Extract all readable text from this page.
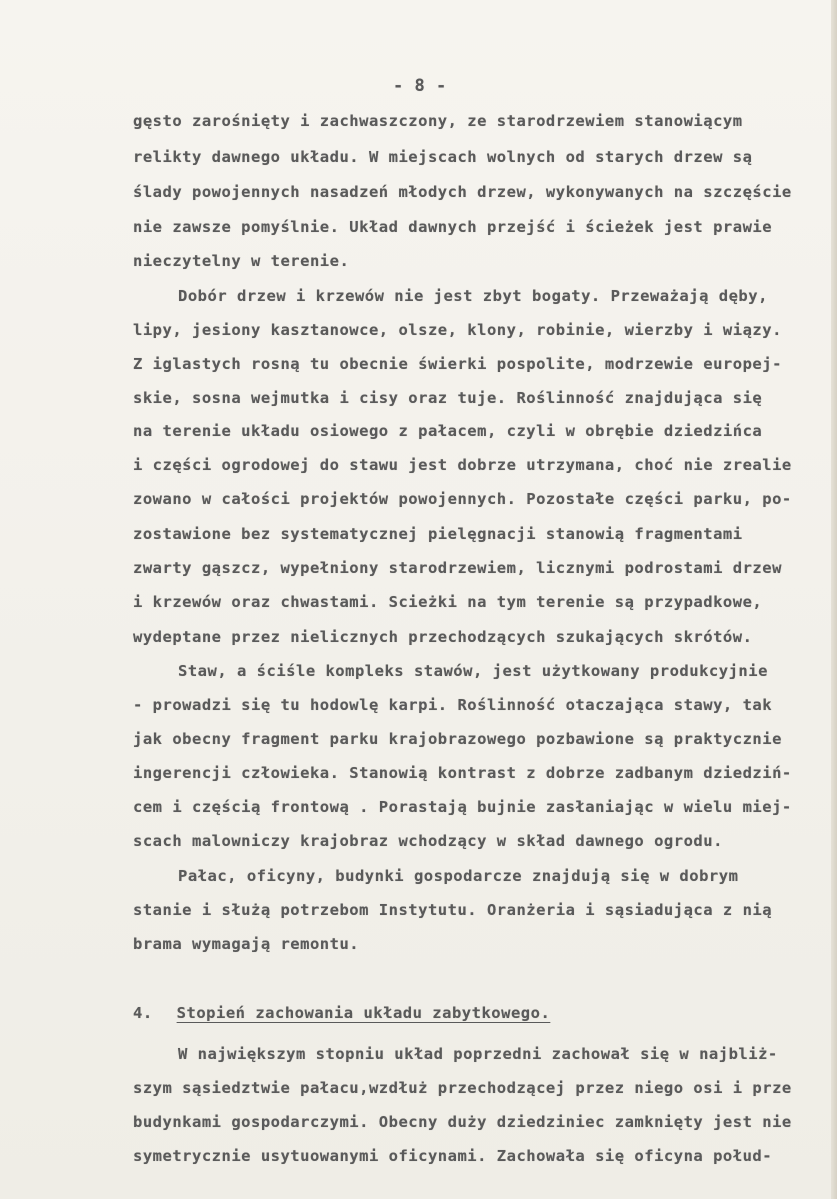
- 8 -
gęsto zarośnięty i zachwaszczony, ze starodrzewiem stanowiącym
relikty dawnego układu. W miejscach wolnych od starych drzew są
ślady powojennych nasadzeń młodych drzew, wykonywanych na szczęście
nie zawsze pomyślnie. Układ dawnych przejść i ścieżek jest prawie
nieczytelny w terenie.
Dobór drzew i krzewów nie jest zbyt bogaty. Przeważają dęby,
lipy, jesiony kasztanowce, olsze, klony, robinie, wierzby i wiązy.
Z iglastych rosną tu obecnie świerki pospolite, modrzewie europej-
skie, sosna wejmutka i cisy oraz tuje. Roślinność znajdująca się
na terenie układu osiowego z pałacem, czyli w obrębie dziedzińca
i części ogrodowej do stawu jest dobrze utrzymana, choć nie zrealie
zowano w całości projektów powojennych. Pozostałe części parku, po-
zostawione bez systematycznej pielęgnacji stanowią fragmentami
zwarty gąszcz, wypełniony starodrzewiem, licznymi podrostami drzew
i krzewów oraz chwastami. Scieżki na tym terenie są przypadkowe,
wydeptane przez nielicznych przechodzących szukających skrótów.
Staw, a ściśle kompleks stawów, jest użytkowany produkcyjnie
- prowadzi się tu hodowlę karpi. Roślinność otaczająca stawy, tak
jak obecny fragment parku krajobrazowego pozbawione są praktycznie
ingerencji człowieka. Stanowią kontrast z dobrze zadbanym dziedziń-
cem i częścią frontową . Porastają bujnie zasłaniając w wielu miej-
scach malowniczy krajobraz wchodzący w skład dawnego ogrodu.
Pałac, oficyny, budynki gospodarcze znajdują się w dobrym
stanie i służą potrzebom Instytutu. Oranżeria i sąsiadująca z nią
brama wymagają remontu.
4. Stopień zachowania układu zabytkowego.
W największym stopniu układ poprzedni zachował się w najbliż-
szym sąsiedztwie pałacu,wzdłuż przechodzącej przez niego osi i prze
budynkami gospodarczymi. Obecny duży dziedziniec zamknięty jest nie
symetrycznie usytuowanymi oficynami. Zachowała się oficyna połud-
